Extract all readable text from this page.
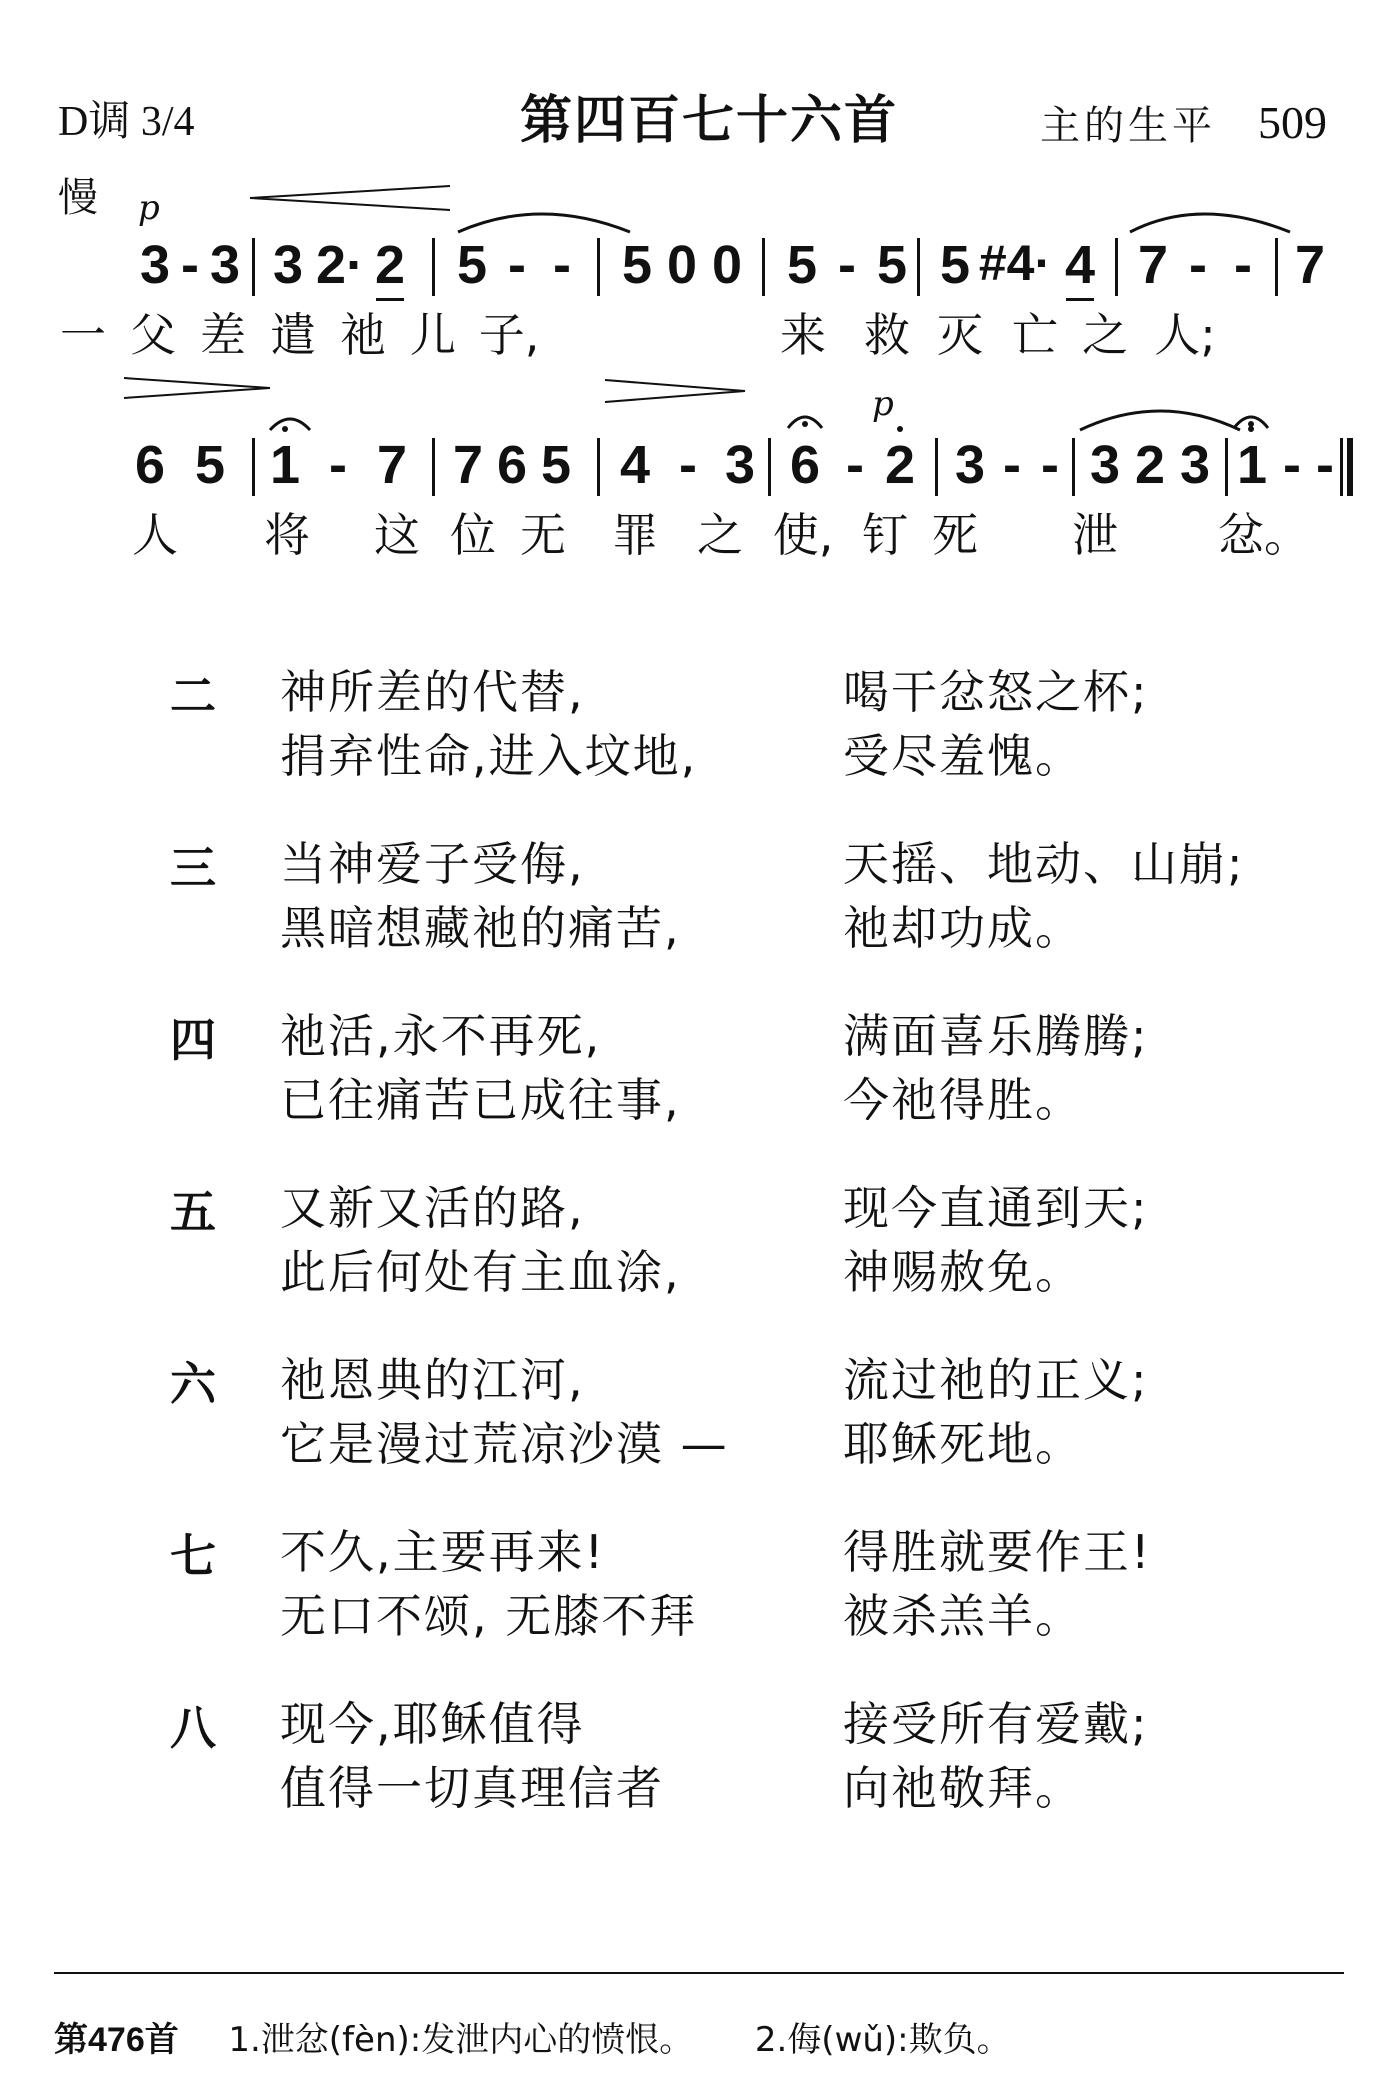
D调 3/4	第四百七十六首	主的生平 509
慢 p
3 - 3 3 2· 2 5 - - 5 0 0 5 - 5 5 #4· 4 7 - - 7
一 父 差 遣 祂 儿 子,	来 救 灭 亡 之 人;
p
6 5 1 - 7 7 6 5 4 - 3 6 - 2 3 - - 3 2 3 1 - -
人 将 这 位 无 罪 之 使, 钉 死 泄 忿。
二 神所差的代替,	喝干忿怒之杯;
捐弃性命,进入坟地,	受尽羞愧。
三 当神爱子受侮,	天摇、地动、山崩;
黑暗想藏祂的痛苦,	祂却功成。
四 祂活,永不再死,	满面喜乐腾腾;
已往痛苦已成往事,	今祂得胜。
五 又新又活的路,	现今直通到天;
此后何处有主血涂,	神赐赦免。
六 祂恩典的江河,	流过祂的正义;
它是漫过荒凉沙漠 — 耶稣死地。
七 不久,主要再来!	得胜就要作王!
无口不颂, 无膝不拜	被杀羔羊。
八 现今,耶稣值得	接受所有爱戴;
值得一切真理信者	向祂敬拜。
第476首 1.泄忿(fèn):发泄内心的愤恨。 2.侮(wǔ):欺负。
